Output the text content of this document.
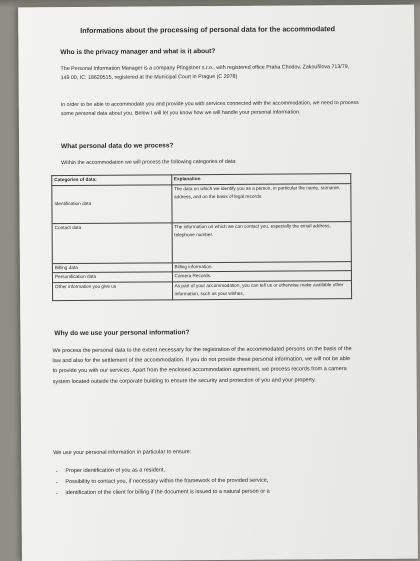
Informations about the processing of personal data for the accommodated

Who is the privacy manager and what is it about?

The Personal Information Manager is a company Pfingstner s.r.o., with registered office Praha Chodov, Zakouřilova 713/79, 149 00, IC: 18620515, registered at the Municipal Court in Prague (C 2078)

In order to be able to accommodate you and provide you with services connected with the accommodation, we need to process some personal data about you. Below I will let you know how we will handle your personal information.

What personal data do we process?

Within the accommodation we will process the following categories of data:

Categories of data:	Explanation
Identification data	The data on which we identify you as a person, in particular the name, surname, address, and on the basis of legal records.
Contact data	The information on which we can contact you, especially the email address, telephone number.
Billing data	Billing information.
Personification data	Camera Records.
Other information you give us	As part of your accommodation, you can tell us or otherwise make available other information, such as your wishes,

Why do we use your personal information?

We process the personal data to the extent necessary for the registration of the accommodated persons on the basis of the law and also for the settlement of the accommodation. If you do not provide these personal information, we will not be able to provide you with our services. Apart from the enclosed accommodation agreement, we process records from a camera system located outside the corporate building to ensure the security and protection of you and your property.

We use your personal information in particular to ensure:

• Proper identification of you as a resident,
• Possibility to contact you, if necessary within the framework of the provided service,
• identification of the client for billing if the document is issued to a natural person or a
